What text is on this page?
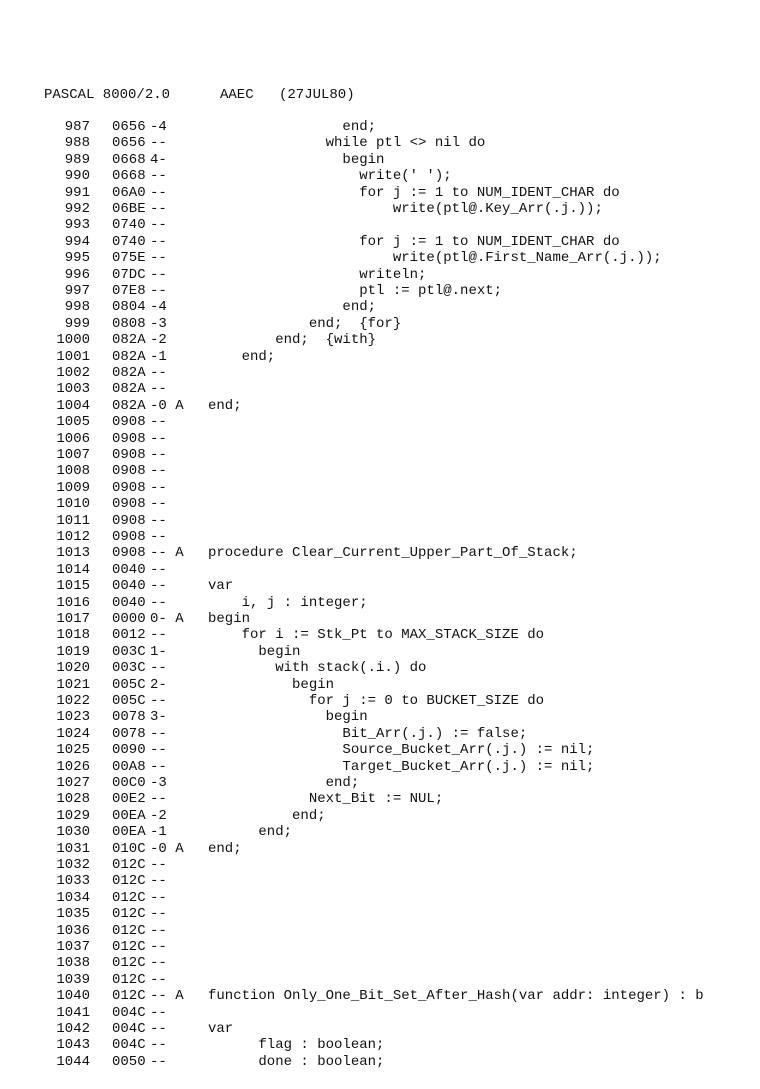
PASCAL 8000/2.0

	AAEC

(27JUL80)

987 0656 -4	end;
988 0656 --	while ptl <> nil do
989 0668 4-	begin
990 0668 --	write(' ');
991 06A0 --	for j := 1 to NUM_IDENT_CHAR do
992 06BE --	write(ptl@.Key_Arr(.j.));
993 0740 --
994 0740 --	for j := 1 to NUM_IDENT_CHAR do
995 075E --	write(ptl@.First_Name_Arr(.j.));
996 07DC --	writeln;
997 07E8 --	ptl := ptl@.next;
998 0804 -4	end;
999 0808 -3	end;  {for}
1000 082A -2	end;  {with}
1001 082A -1	end;
1002 082A --
1003 082A --
1004 082A -0 A end;
1005 0908 --
1006 0908 --
1007 0908 --
1008 0908 --
1009 0908 --
1010 0908 --
1011 0908 --
1012 0908 --
1013 0908 -- A procedure Clear_Current_Upper_Part_Of_Stack;
1014 0040 --
1015 0040 --	var
1016 0040 --	i, j : integer;
1017 0000 0- A begin
1018 0012 --	for i := Stk_Pt to MAX_STACK_SIZE do
1019 003C 1-	begin
1020 003C --	with stack(.i.) do
1021 005C 2-	begin
1022 005C --	for j := 0 to BUCKET_SIZE do
1023 0078 3-	begin
1024 0078 --	Bit_Arr(.j.) := false;
1025 0090 --	Source_Bucket_Arr(.j.) := nil;
1026 00A8 --	Target_Bucket_Arr(.j.) := nil;
1027 00C0 -3	end;
1028 00E2 --	Next_Bit := NUL;
1029 00EA -2	end;
1030 00EA -1	end;
1031 010C -0 A end;
1032 012C --
1033 012C --
1034 012C --
1035 012C --
1036 012C --
1037 012C --
1038 012C --
1039 012C --
1040 012C -- A function Only_One_Bit_Set_After_Hash(var addr: integer) : b
1041 004C --
1042 004C --	var
1043 004C --	flag : boolean;
1044 0050 --	done : boolean;
